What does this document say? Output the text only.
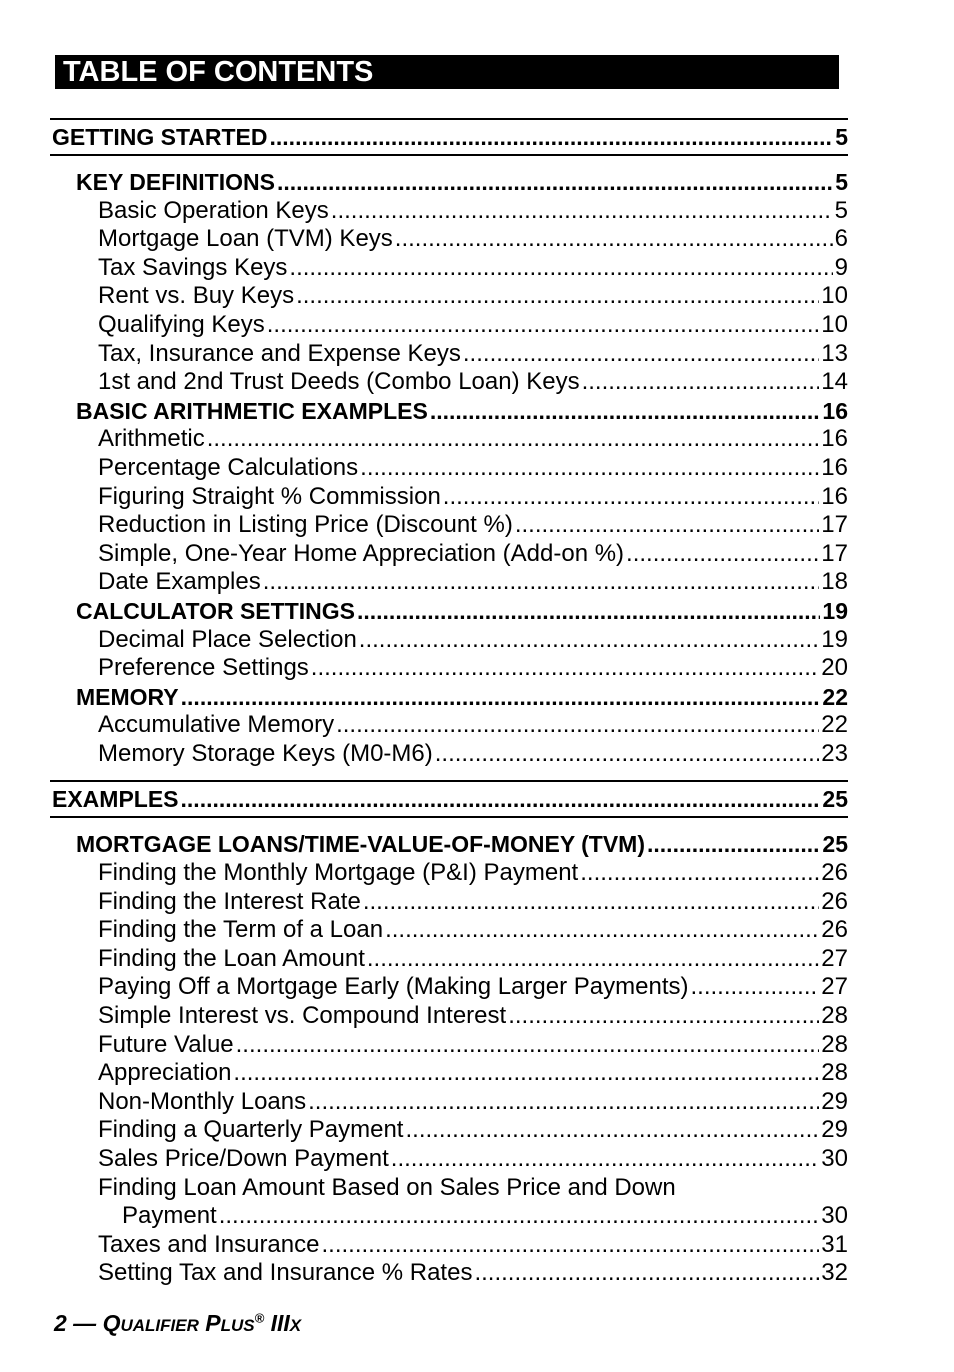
TABLE OF CONTENTS
GETTING STARTED .....	5
KEY DEFINITIONS .....	5
Basic Operation Keys .....	5
Mortgage Loan (TVM) Keys .....	6
Tax Savings Keys .....	9
Rent vs. Buy Keys .....	10
Qualifying Keys .....	10
Tax, Insurance and Expense Keys .....	13
1st and 2nd Trust Deeds (Combo Loan) Keys .....	14
BASIC ARITHMETIC EXAMPLES .....	16
Arithmetic .....	16
Percentage Calculations .....	16
Figuring Straight % Commission .....	16
Reduction in Listing Price (Discount %) .....	17
Simple, One-Year Home Appreciation (Add-on %) .....	17
Date Examples .....	18
CALCULATOR SETTINGS .....	19
Decimal Place Selection .....	19
Preference Settings .....	20
MEMORY .....	22
Accumulative Memory .....	22
Memory Storage Keys (M0-M6) .....	23
EXAMPLES .....	25
MORTGAGE LOANS/TIME-VALUE-OF-MONEY (TVM) .....	25
Finding the Monthly Mortgage (P&I) Payment .....	26
Finding the Interest Rate .....	26
Finding the Term of a Loan .....	26
Finding the Loan Amount .....	27
Paying Off a Mortgage Early (Making Larger Payments) .....	27
Simple Interest vs. Compound Interest .....	28
Future Value .....	28
Appreciation .....	28
Non-Monthly Loans .....	29
Finding a Quarterly Payment .....	29
Sales Price/Down Payment .....	30
Finding Loan Amount Based on Sales Price and Down
Payment .....	30
Taxes and Insurance .....	31
Setting Tax and Insurance % Rates .....	32
2 — QUALIFIER PLUS® IIIX
